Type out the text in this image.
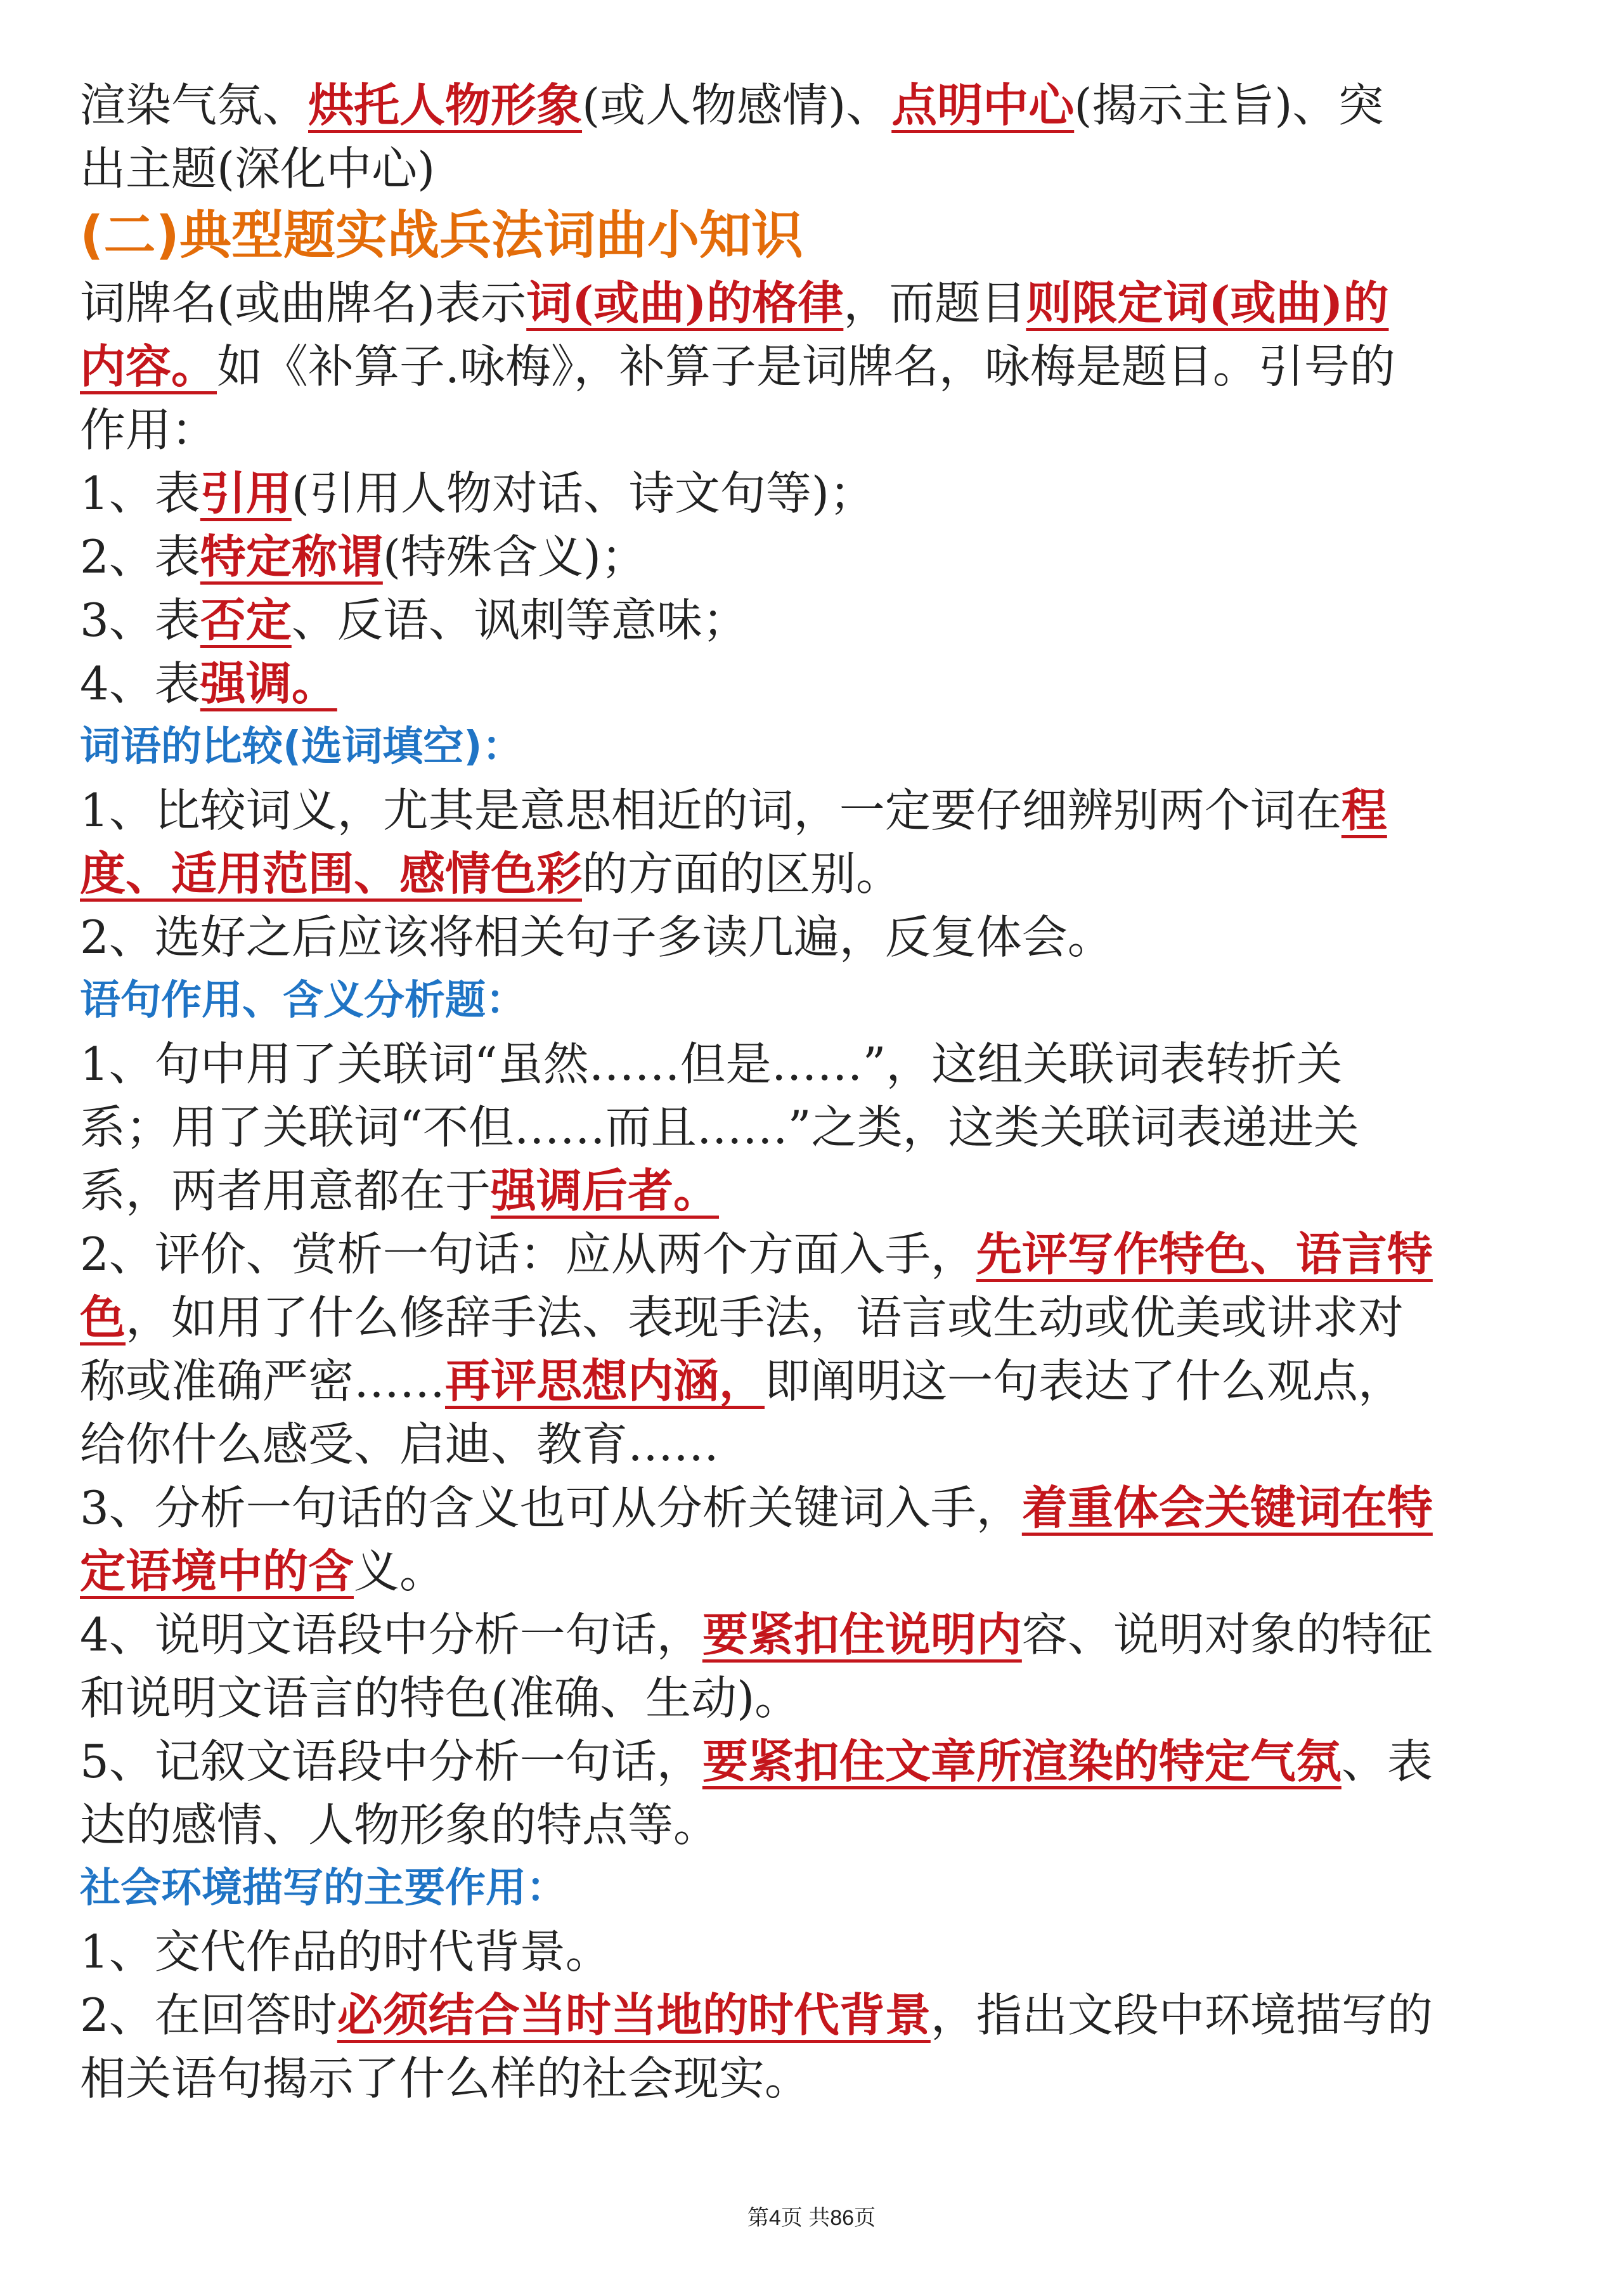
渲染气氛、烘托人物形象(或人物感情)、点明中心(揭示主旨)、突

出主题(深化中心)

(二)典型题实战兵法词曲小知识

词牌名(或曲牌名)表示词(或曲)的格律，而题目则限定词(或曲)的

内容。如《补算子.咏梅》，补算子是词牌名，咏梅是题目。引号的

作用：

1、表引用(引用人物对话、诗文句等)；

2、表特定称谓(特殊含义)；

3、表否定、反语、讽刺等意味；

4、表强调。

词语的比较(选词填空)：

1、比较词义，尤其是意思相近的词，一定要仔细辨别两个词在程

度、适用范围、感情色彩的方面的区别。

2、选好之后应该将相关句子多读几遍，反复体会。

语句作用、含义分析题：

1、句中用了关联词“虽然……但是……”，这组关联词表转折关

系；用了关联词“不但……而且……”之类，这类关联词表递进关

系，两者用意都在于强调后者。

2、评价、赏析一句话：应从两个方面入手，先评写作特色、语言特

色，如用了什么修辞手法、表现手法，语言或生动或优美或讲求对

称或准确严密……再评思想内涵，即阐明这一句表达了什么观点，

给你什么感受、启迪、教育……

3、分析一句话的含义也可从分析关键词入手，着重体会关键词在特

定语境中的含义。

4、说明文语段中分析一句话，要紧扣住说明内容、说明对象的特征

和说明文语言的特色(准确、生动)。

5、记叙文语段中分析一句话，要紧扣住文章所渲染的特定气氛、表

达的感情、人物形象的特点等。

社会环境描写的主要作用：

1、交代作品的时代背景。

2、在回答时必须结合当时当地的时代背景，指出文段中环境描写的

相关语句揭示了什么样的社会现实。

第4页 共86页
